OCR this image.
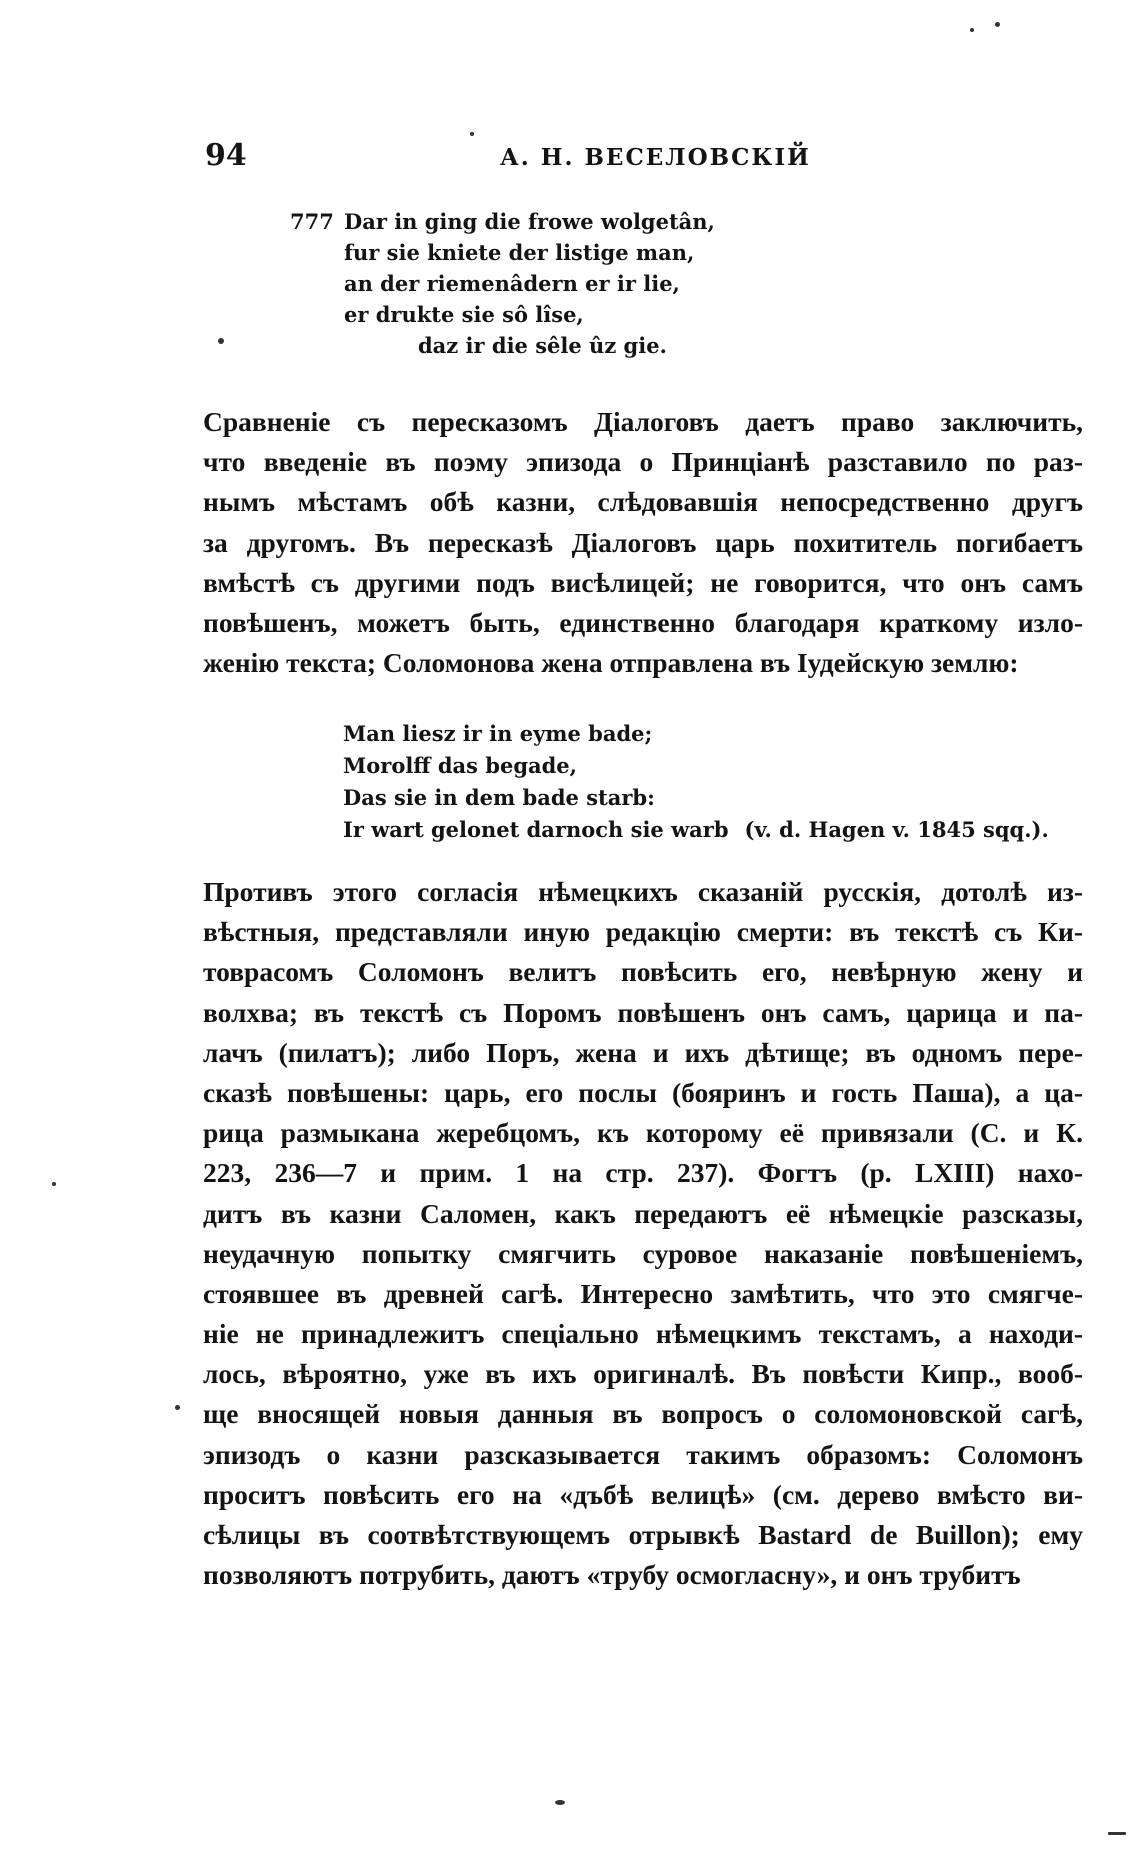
94	А. Н. ВЕСЕЛОВСКІЙ
777 Dar in ging die frowe wolgetân,
fur sie kniete der listige man,
an der riemenâdern er ir lie,
er drukte sie sô lîse,
daz ir die sêle ûz gie.
Сравненіе съ пересказомъ Діалоговъ даетъ право заключить,
что введеніе въ поэму эпизода о Принціанѣ разставило по раз-
нымъ мѣстамъ обѣ казни, слѣдовавшія непосредственно другъ
за другомъ. Въ пересказѣ Діалоговъ царь похититель погибаетъ
вмѣстѣ съ другими подъ висѣлицей; не говорится, что онъ самъ
повѣшенъ, можетъ быть, единственно благодаря краткому изло-
женію текста; Соломонова жена отправлена въ Іудейскую землю:
Man liesz ir in eyme bade;
Morolff das begade,
Das sie in dem bade starb:
Ir wart gelonet darnoch sie warb (v. d. Hagen v. 1845 sqq.).
Противъ этого согласія нѣмецкихъ сказаній русскія, дотолѣ из-
вѣстныя, представляли иную редакцію смерти: въ текстѣ съ Ки-
товрасомъ Соломонъ велитъ повѣсить его, невѣрную жену и
волхва; въ текстѣ съ Поромъ повѣшенъ онъ самъ, царица и па-
лачъ (пилатъ); либо Поръ, жена и ихъ дѣтище; въ одномъ пере-
сказѣ повѣшены: царь, его послы (бояринъ и гость Паша), а ца-
рица размыкана жеребцомъ, къ которому её привязали (С. и К.
223, 236—7 и прим. 1 на стр. 237). Фогтъ (р. LXIII) нахо-
дитъ въ казни Саломен, какъ передаютъ её нѣмецкіе разсказы,
неудачную попытку смягчить суровое наказаніе повѣшеніемъ,
стоявшее въ древней сагѣ. Интересно замѣтить, что это смягче-
ніе не принадлежитъ спеціально нѣмецкимъ текстамъ, а находи-
лось, вѣроятно, уже въ ихъ оригиналѣ. Въ повѣсти Кипр., вооб-
ще вносящей новыя данныя въ вопросъ о соломоновской сагѣ,
эпизодъ о казни разсказывается такимъ образомъ: Соломонъ
проситъ повѣсить его на «дъбѣ велицѣ» (см. дерево вмѣсто ви-
сѣлицы въ соотвѣтствующемъ отрывкѣ Bastard de Buillon); ему
позволяютъ потрубить, даютъ «трубу осмогласну», и онъ трубитъ
